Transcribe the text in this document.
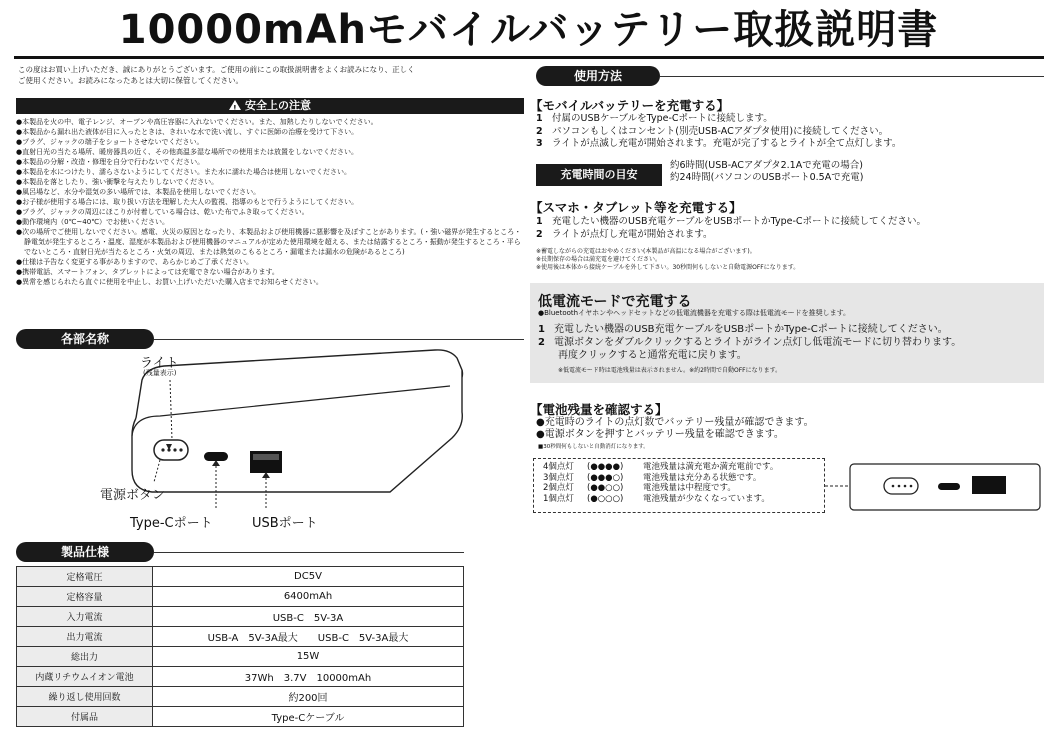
10000mAhモバイルバッテリー取扱説明書
この度はお買い上げいただき、誠にありがとうございます。ご使用の前にこの取扱説明書をよくお読みになり、正しく
ご使用ください。お読みになったあとは大切に保管してください。
!安全上の注意
●本製品を火の中、電子レンジ、オーブンや高圧容器に入れないでください。また、加熱したりしないでください。
●本製品から漏れ出た液体が目に入ったときは、きれいな水で洗い流し、すぐに医師の治療を受けて下さい。
●プラグ、ジャックの端子をショートさせないでください。
●直射日光の当たる場所、暖房器具の近く、その他高温多湿な場所での使用または放置をしないでください。
●本製品の分解・改造・修理を自分で行わないでください。
●本製品を水につけたり、濡らさないようにしてください。また水に濡れた場合は使用しないでください。
●本製品を落としたり、強い衝撃を与えたりしないでください。
●風呂場など、水分や湿気の多い場所では、本製品を使用しないでください。
●お子様が使用する場合には、取り扱い方法を理解した大人の監視、指導のもとで行うようにしてください。
●プラグ、ジャックの周辺にほこりが付着している場合は、乾いた布でふき取ってください。
●動作環境内（0℃~40℃）でお使いください。
●次の場所でご使用しないでください。感電、火災の原因となったり、本製品および使用機器に悪影響を及ぼすことがあります。(・強い磁界が発生するところ・静電気が発生するところ・温度、湿度が本製品および使用機器のマニュアルが定めた使用環境を超える、または結露するところ・振動が発生するところ・平らでないところ・直射日光が当たるところ・火気の周辺、または熱気のこもるところ・漏電または漏水の危険があるところ)
●仕様は予告なく変更する事がありますので、あらかじめご了承ください。
●携帯電話、スマートフォン、タブレットによっては充電できない場合があります。
●異常を感じられたら直ぐに使用を中止し、お買い上げいただいた購入店までお知らせください。
各部名称
ライト
(残量表示)
電源ボタン
Type-Cポート	USBポート
製品仕様
定格電圧	DC5V
定格容量	6400mAh
入力電流	USB-C　5V-3A
出力電流	USB-A　5V-3A最大　　USB-C　5V-3A最大
総出力	15W
内蔵リチウムイオン電池	37Wh　3.7V　10000mAh
繰り返し使用回数	約200回
付属品	Type-Cケーブル
使用方法
【モバイルバッテリーを充電する】
1 付属のUSBケーブルをType-Cポートに接続します。
2 パソコンもしくはコンセント(別売USB-ACアダプタ使用)に接続してください。
3 ライトが点滅し充電が開始されます。充電が完了するとライトが全て点灯します。
充電時間の目安
約6時間(USB-ACアダプタ2.1Aで充電の場合)
約24時間(パソコンのUSBポート0.5Aで充電)
【スマホ・タブレット等を充電する】
1 充電したい機器のUSB充電ケーブルをUSBポートかType-Cポートに接続してください。
2 ライトが点灯し充電が開始されます。
※蓄電しながらの充電はおやめください(本製品が高温になる場合がございます)。
※長期保存の場合は満充電を避けてください。
※使用後は本体から接続ケーブルを外して下さい。30秒間何もしないと自動電源OFFになります。
低電流モードで充電する
●Bluetoothイヤホンやヘッドセットなどの低電流機器を充電する際は低電流モードを推奨します。
1 充電したい機器のUSB充電ケーブルをUSBポートかType-Cポートに接続してください。
2 電源ボタンをダブルクリックするとライトがライン点灯し低電流モードに切り替わります。
再度クリックすると通常充電に戻ります。
※低電流モード時は電池残量は表示されません。※約2時間で自動OFFになります。
【電池残量を確認する】
●充電時のライトの点灯数でバッテリー残量が確認できます。
●電源ボタンを押すとバッテリー残量を確認できます。
■30秒間何もしないと自動消灯になります。
4個点灯 (●●●●) 電池残量は満充電か満充電前です。
3個点灯 (●●●○) 電池残量は充分ある状態です。
2個点灯 (●●○○) 電池残量は中程度です。
1個点灯 (●○○○) 電池残量が少なくなっています。
